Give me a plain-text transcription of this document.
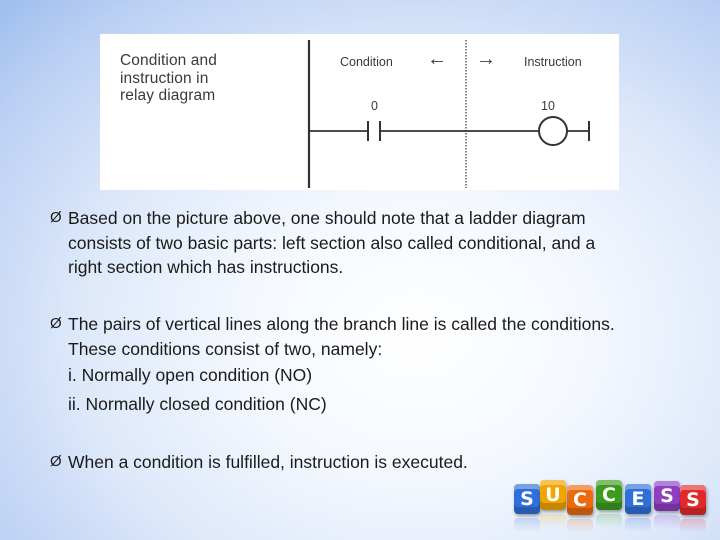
Condition and
instruction in
relay diagram
Condition ← → Instruction
0	10
Ø Based on the picture above, one should note that a ladder diagram

consists of two basic parts: left section also called conditional, and a

right section which has instructions.

Ø The pairs of vertical lines along the branch line is called the conditions.

These conditions consist of two, namely:

i. Normally open condition (NO)

ii. Normally closed condition (NC)

Ø When a condition is fulfilled, instruction is executed.

S U C C E S S
